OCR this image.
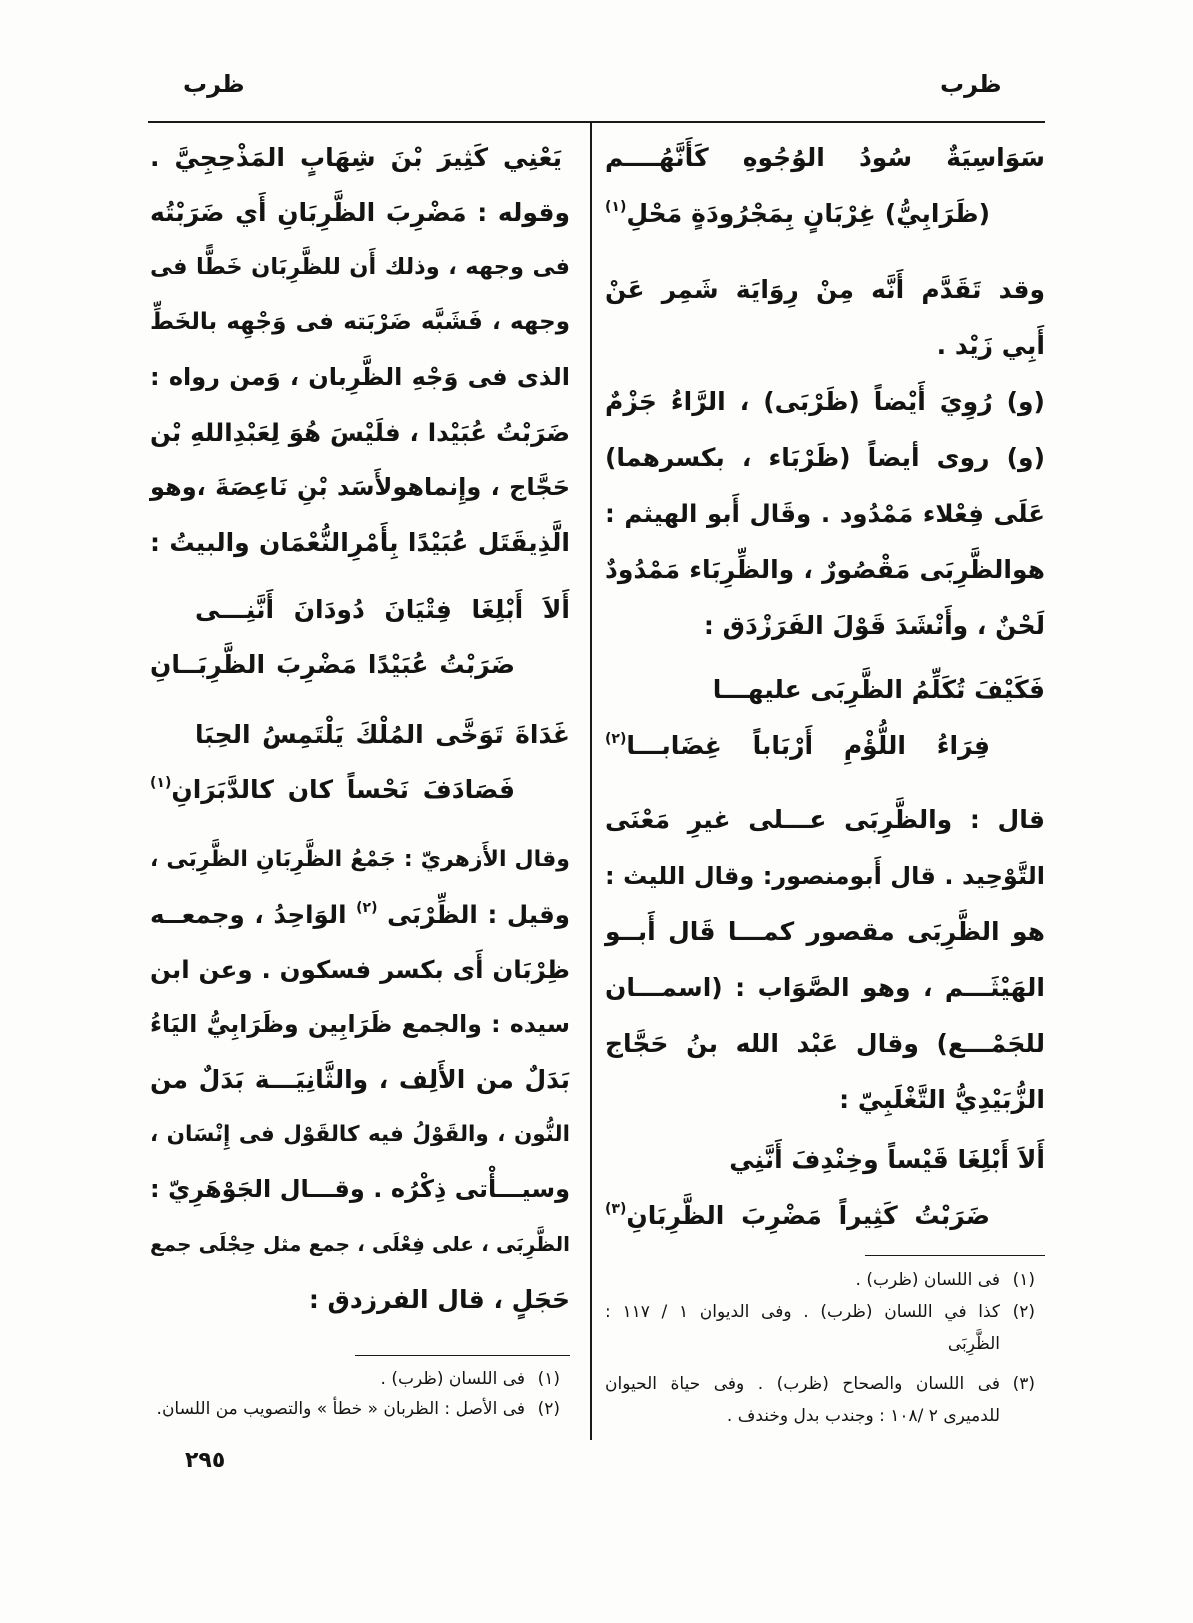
ظرب
ظرب
سَوَاسِيَةٌ سُودُ الوُجُوهِ كَأَنَّهُــــم
(ظَرَابِيُّ) غِرْبَانٍ بِمَجْرُودَةٍ مَحْلِ$^{(١)}$
وقد تَقَدَّم أَنَّه مِنْ رِوَايَة شَمِر عَنْ
أَبِي زَيْد .
(و) رُوِيَ أَيْضاً (ظَرْبَى) ، الرَّاءُ جَزْمٌ
(و) روى أيضاً (ظَرْبَاء ، بكسرهما)
عَلَى فِعْلاء مَمْدُود . وقَال أَبو الهيثم :
هوالظَّرِبَى مَقْصُورٌ ، والظِّرِبَاء مَمْدُودٌ
لَحْنٌ ، وأَنْشَدَ قَوْلَ الفَرَزْدَق :
فَكَيْفَ تُكَلِّمُ الظَّرِبَى عليهـــا
فِرَاءُ اللُّؤْمِ أَرْبَاباً غِضَابـــا$^{(٢)}$
قال : والظَّرِبَى عـــلى غيرِ مَعْنَى
التَّوْحِيد . قال أَبومنصور: وقال الليث :
هو الظَّرِبَى مقصور كمـــا قَال أَبــو
الهَيْثَـــم ، وهو الصَّوَاب : (اسمـــان
للجَمْـــع) وقال عَبْد الله بنُ حَجَّاج
الزُّبَيْدِيُّ التَّغْلَبِيّ :
أَلاَ أَبْلِغَا قَيْساً وخِنْدِفَ أَنَّنِي
ضَرَبْتُ كَثِيراً مَضْرِبَ الظَّرِبَانِ$^{(٣)}$
(١)
فى اللسان (ظرب) .
(٢)
كذا في اللسان (ظرب) . وفى الديوان ١ / ١١٧ :
الظَّرِبَى
(٣)
فى اللسان والصحاح (ظرب) . وفى حياة الحيوان
للدميرى ٢ /١٠٨ : وجندب بدل وخندف .
يَعْنِي كَثِيرَ بْنَ شِهَابٍ المَذْحِجِيَّ .
وقوله : مَضْرِبَ الظَّرِبَانِ أَي ضَرَبْتُه
فى وجهه ، وذلك أَن للظَّرِبَان خَطًّا فى
وجهه ، فَشَبَّه ضَرْبَته فى وَجْهِه بالخَطِّ
الذى فى وَجْهِ الظَّرِبان ، وَمن رواه :
ضَرَبْتُ عُبَيْدا ، فلَيْسَ هُوَ لِعَبْدِاللهِ بْن
حَجَّاج ، وإِنماهولأَسَد بْنِ نَاعِصَةَ ،وهو
الَّذِيقَتَل عُبَيْدًا بِأَمْرِالنُّعْمَان والبيتُ :
أَلاَ أَبْلِغَا فِتْيَانَ دُودَانَ أَنَّنِـــى
ضَرَبْتُ عُبَيْدًا مَضْرِبَ الظَّرِبَــانِ
غَدَاةَ تَوَخَّى المُلْكَ يَلْتَمِسُ الحِبَا
فَصَادَفَ نَحْساً كان كالدَّبَرَانِ$^{(١)}$
وقال الأَزهريّ : جَمْعُ الظَّرِبَانِ الظَّرِبَى ،
وقيل : الظِّرْبَى $^{(٢)}$ الوَاحِدُ ، وجمعــه
ظِرْبَان أَى بكسر فسكون . وعن ابن
سيده : والجمع ظَرَابِين وظَرَابِيُّ اليَاءُ
بَدَلٌ من الأَلِف ، والثَّانِيَـــة بَدَلٌ من
النُّون ، والقَوْلُ فيه كالقَوْل فى إِنْسَان ،
وسيـــأْتى ذِكْرُه . وقـــال الجَوْهَرِيّ :
الظَّرِبَى ، على فِعْلَى ، جمع مثل حِجْلَى جمع
حَجَلٍ ، قال الفرزدق :
(١)
فى اللسان (ظرب) .
(٢)
فى الأصل : الظربان « خطأ » والتصويب من اللسان.
٢٩٥
